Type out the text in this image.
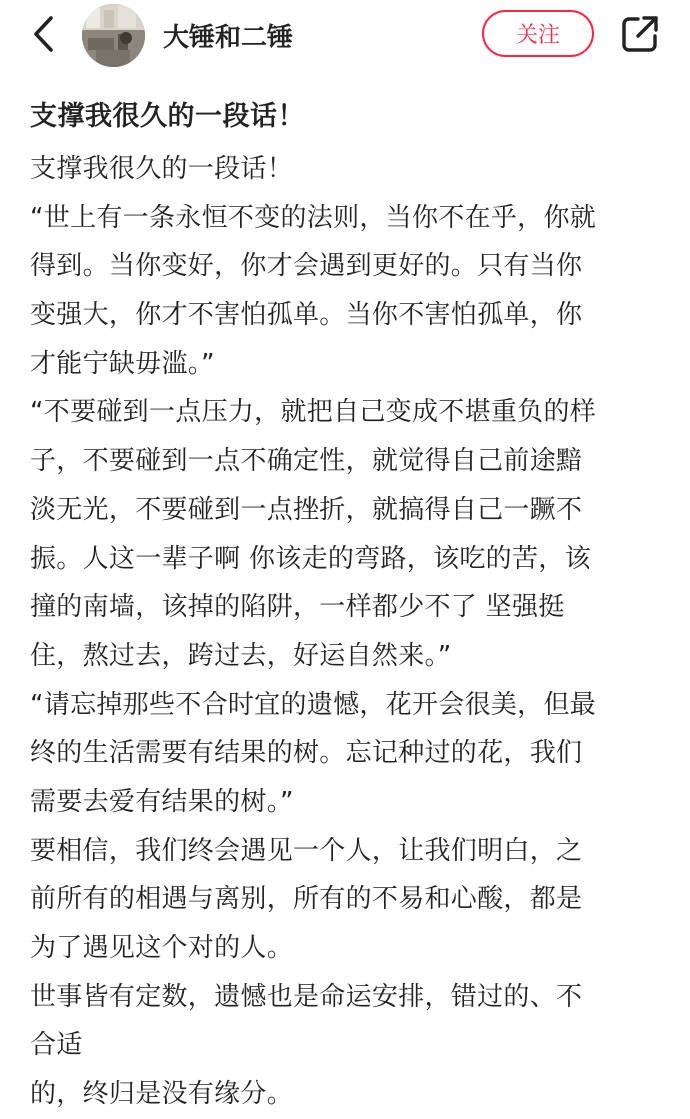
大锤和二锤	关注
支撑我很久的一段话！
支撑我很久的一段话！
“世上有一条永恒不变的法则，当你不在乎，你就
得到。当你变好，你才会遇到更好的。只有当你
变强大，你才不害怕孤单。当你不害怕孤单，你
才能宁缺毋滥。”
“不要碰到一点压力，就把自己变成不堪重负的样
子，不要碰到一点不确定性，就觉得自己前途黯
淡无光，不要碰到一点挫折，就搞得自己一蹶不
振。人这一辈子啊 你该走的弯路，该吃的苦，该
撞的南墙，该掉的陷阱，一样都少不了 坚强挺
住，熬过去，跨过去，好运自然来。”
“请忘掉那些不合时宜的遗憾，花开会很美，但最
终的生活需要有结果的树。忘记种过的花，我们
需要去爱有结果的树。”
要相信，我们终会遇见一个人，让我们明白，之
前所有的相遇与离别，所有的不易和心酸，都是
为了遇见这个对的人。
世事皆有定数，遗憾也是命运安排，错过的、不
合适
的，终归是没有缘分。
